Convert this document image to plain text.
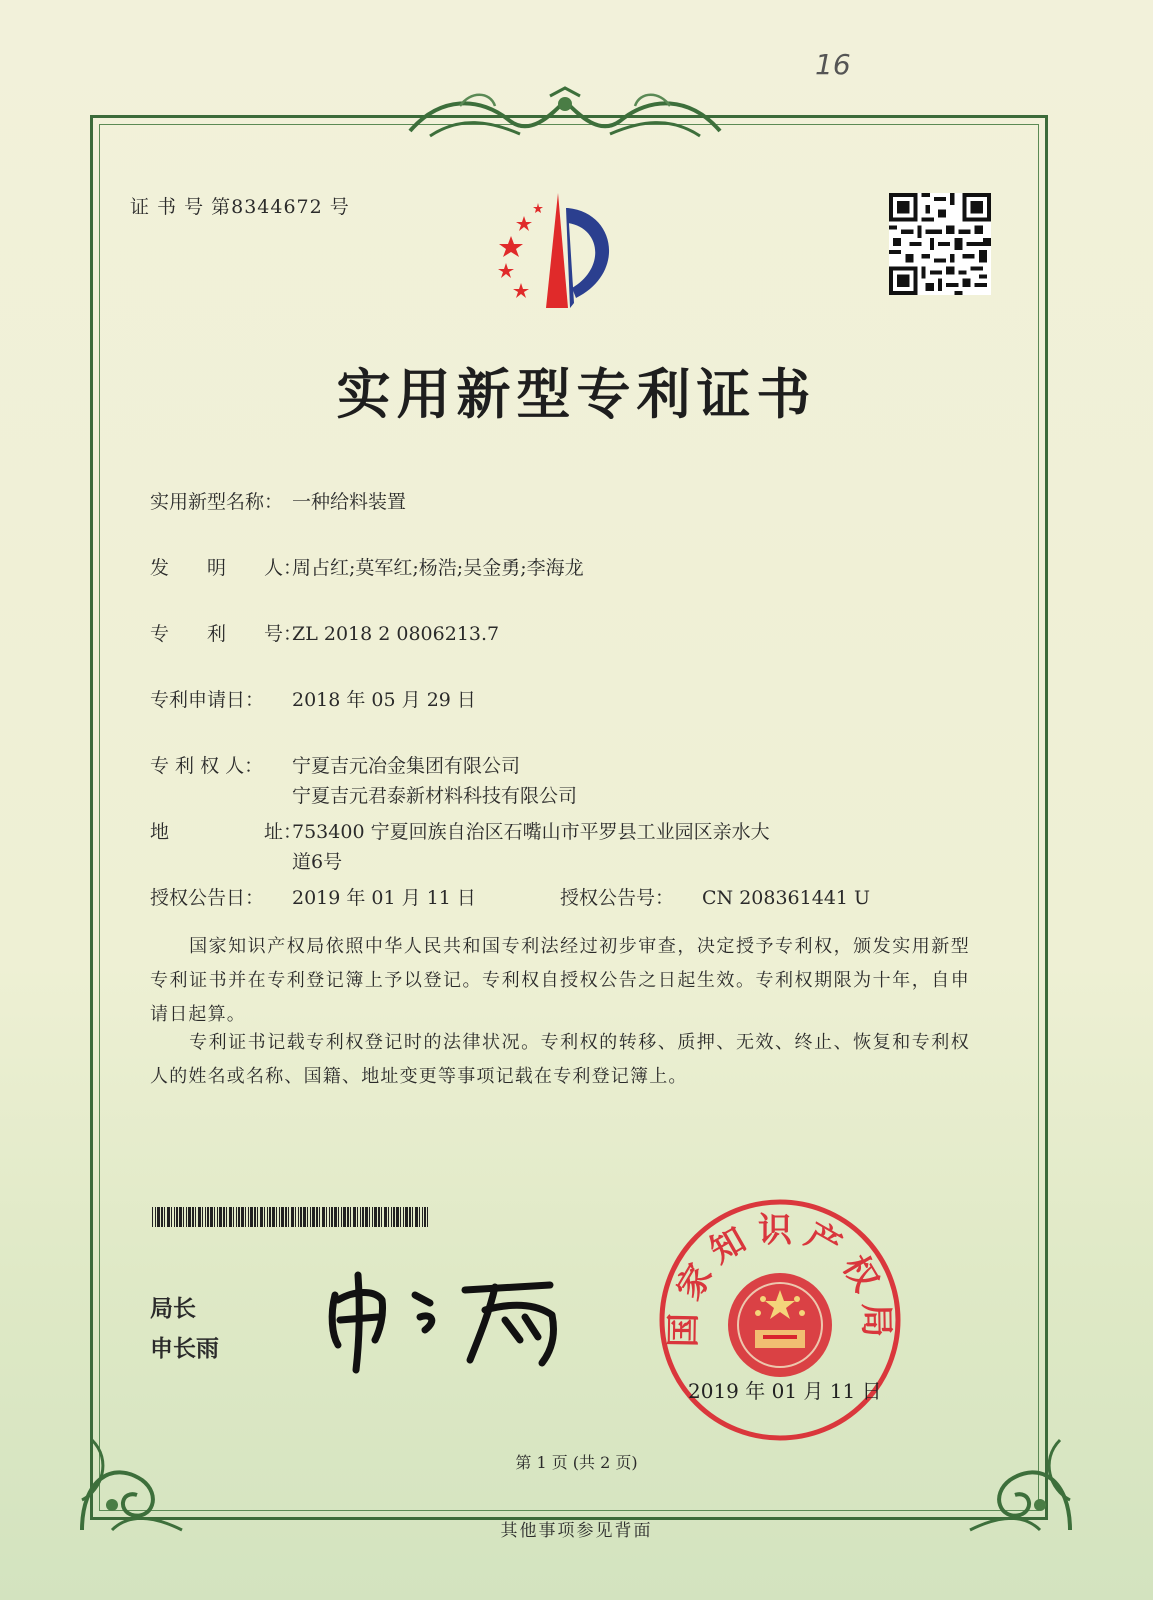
16
证 书 号 第8344672 号
实用新型专利证书
实用新型名称： 一种给料装置
发　　明　　人：周占红;莫军红;杨浩;吴金勇;李海龙
专　　利　　号：ZL 2018 2 0806213.7
专利申请日： 2018 年 05 月 29 日
专 利 权 人： 宁夏吉元冶金集团有限公司
宁夏吉元君泰新材料科技有限公司
地　　　　　址：
753400 宁夏回族自治区石嘴山市平罗县工业园区亲水大
道6号
授权公告日： 2019 年 01 月 11 日	授权公告号： CN 208361441 U
　　国家知识产权局依照中华人民共和国专利法经过初步审查，决定授予专利权，颁发实用新型专利证书并在专利登记簿上予以登记。专利权自授权公告之日起生效。专利权期限为十年，自申请日起算。
　　专利证书记载专利权登记时的法律状况。专利权的转移、质押、无效、终止、恢复和专利权人的姓名或名称、国籍、地址变更等事项记载在专利登记簿上。
局长
申长雨
国家知识产权局
2019 年 01 月 11 日
第 1 页 (共 2 页)
其他事项参见背面
